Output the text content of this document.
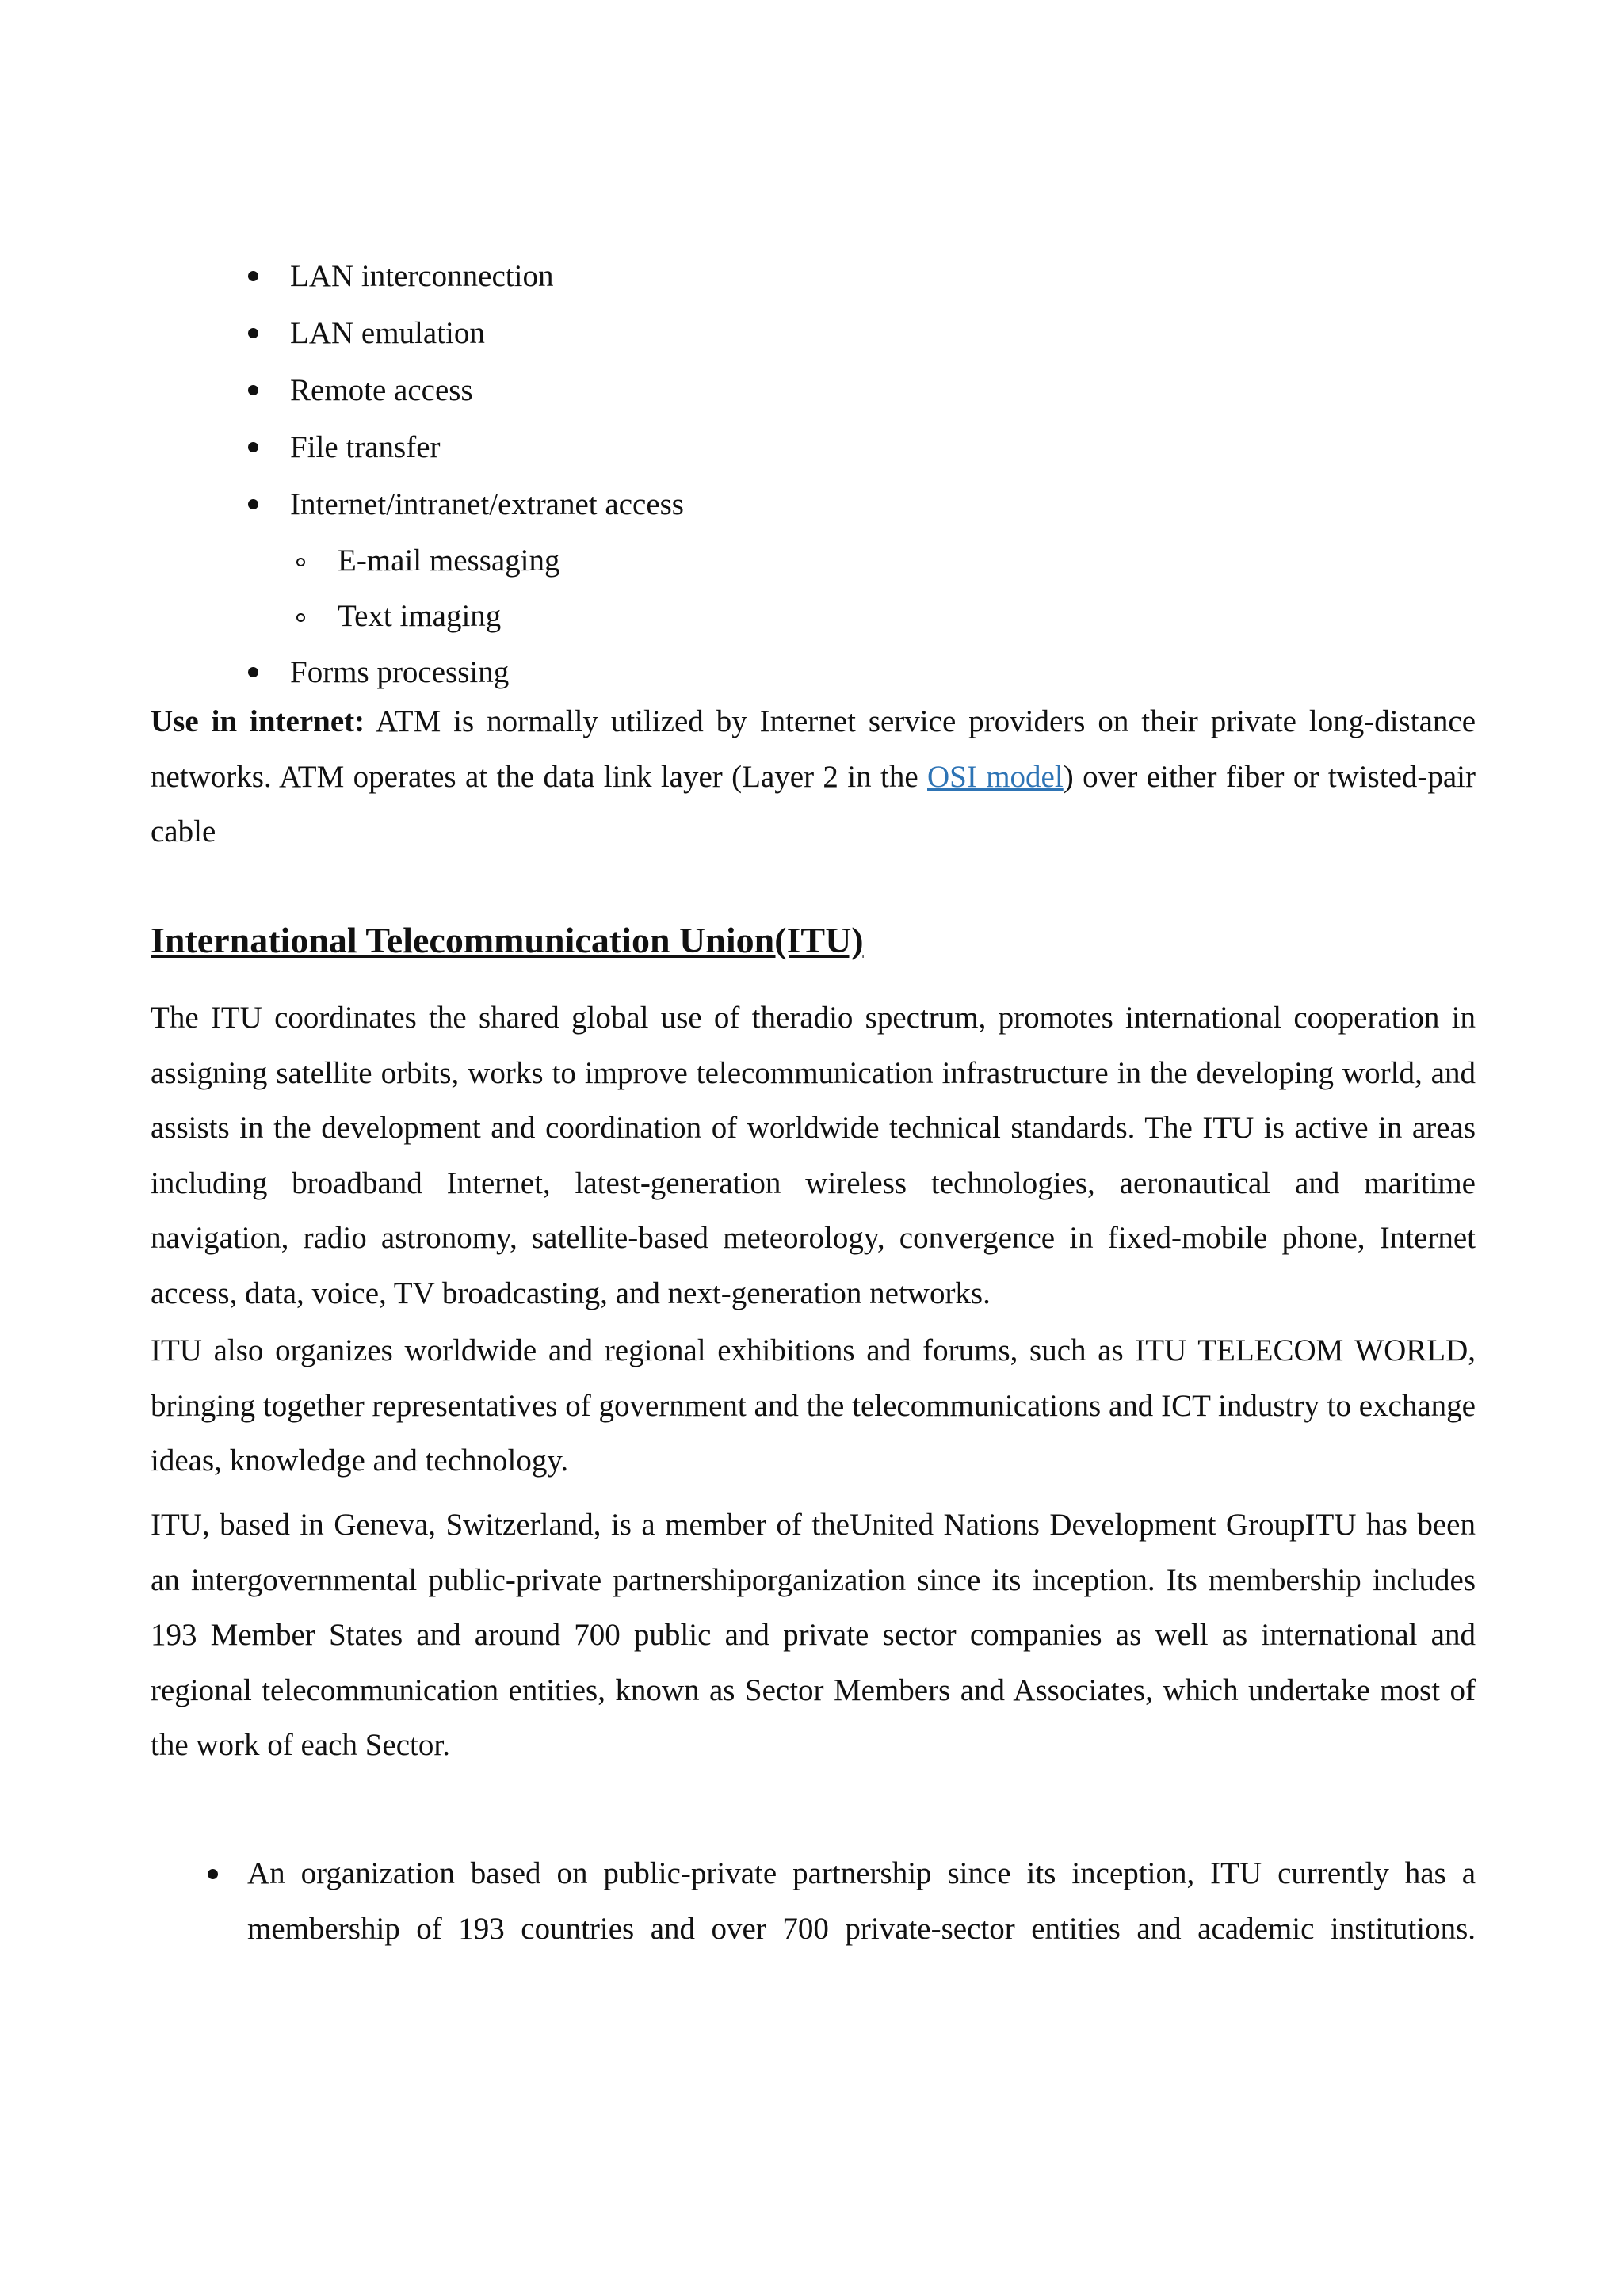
LAN interconnection
LAN emulation
Remote access
File transfer
Internet/intranet/extranet access
E-mail messaging
Text imaging
Forms processing

Use in internet: ATM is normally utilized by Internet service providers on their private long-distance networks. ATM operates at the data link layer (Layer 2 in the OSI model) over either fiber or twisted-pair cable

International Telecommunication Union(ITU)

The ITU coordinates the shared global use of theradio spectrum, promotes international cooperation in assigning satellite orbits, works to improve telecommunication infrastructure in the developing world, and assists in the development and coordination of worldwide technical standards. The ITU is active in areas including broadband Internet, latest-generation wireless technologies, aeronautical and maritime navigation, radio astronomy, satellite-based meteorology, convergence in fixed-mobile phone, Internet access, data, voice, TV broadcasting, and next-generation networks.

ITU also organizes worldwide and regional exhibitions and forums, such as ITU TELECOM WORLD, bringing together representatives of government and the telecommunications and ICT industry to exchange ideas, knowledge and technology.

ITU, based in Geneva, Switzerland, is a member of theUnited Nations Development GroupITU has been an intergovernmental public-private partnershiporganization since its inception. Its membership includes 193 Member States and around 700 public and private sector companies as well as international and regional telecommunication entities, known as Sector Members and Associates, which undertake most of the work of each Sector.

An organization based on public-private partnership since its inception, ITU currently has a membership of 193 countries and over 700 private-sector entities and academic institutions.
